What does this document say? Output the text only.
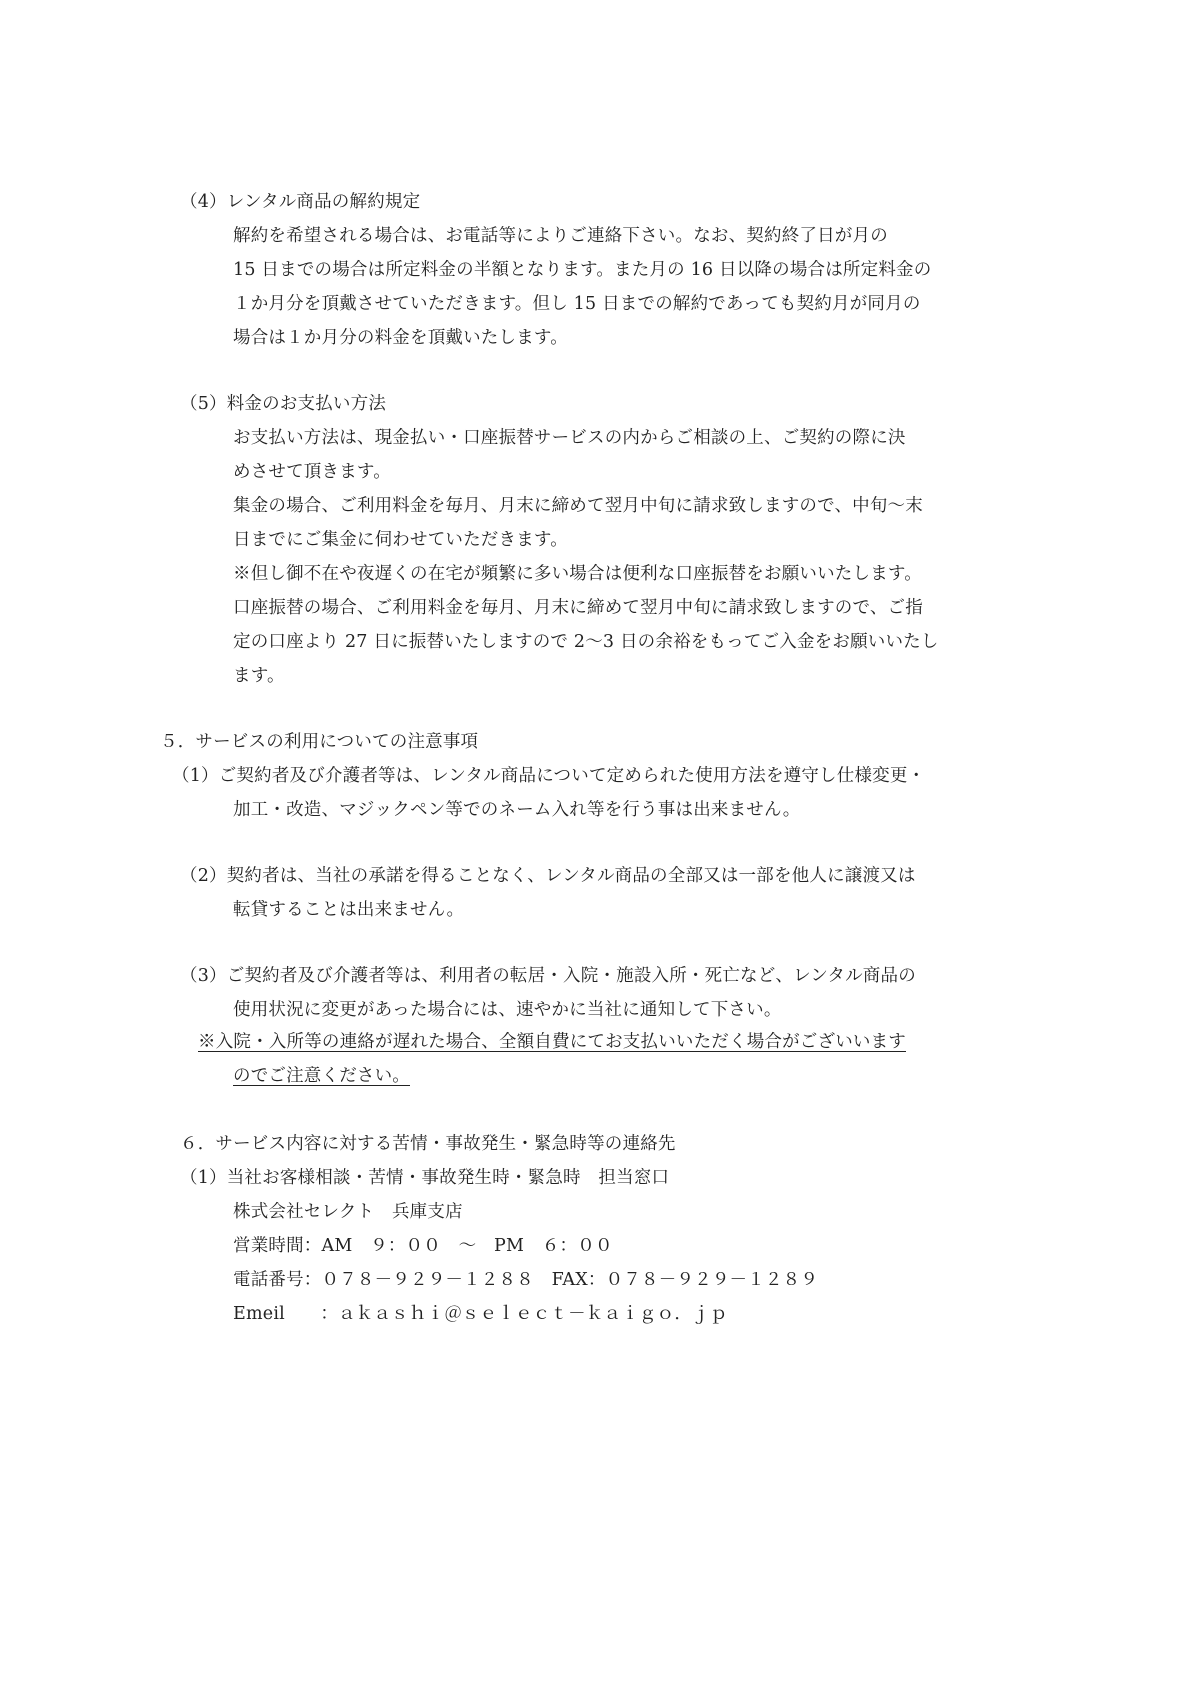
（4）レンタル商品の解約規定
解約を希望される場合は、お電話等によりご連絡下さい。なお、契約終了日が月の
15 日までの場合は所定料金の半額となります。また月の 16 日以降の場合は所定料金の
１か月分を頂戴させていただきます。但し 15 日までの解約であっても契約月が同月の
場合は１か月分の料金を頂戴いたします。
（5）料金のお支払い方法
お支払い方法は、現金払い・口座振替サービスの内からご相談の上、ご契約の際に決
めさせて頂きます。
集金の場合、ご利用料金を毎月、月末に締めて翌月中旬に請求致しますので、中旬～末
日までにご集金に伺わせていただきます。
※但し御不在や夜遅くの在宅が頻繁に多い場合は便利な口座振替をお願いいたします。
口座振替の場合、ご利用料金を毎月、月末に締めて翌月中旬に請求致しますので、ご指
定の口座より 27 日に振替いたしますので 2～3 日の余裕をもってご入金をお願いいたし
ます。
５．サービスの利用についての注意事項
（1）ご契約者及び介護者等は、レンタル商品について定められた使用方法を遵守し仕様変更・
加工・改造、マジックペン等でのネーム入れ等を行う事は出来ません。
（2）契約者は、当社の承諾を得ることなく、レンタル商品の全部又は一部を他人に譲渡又は
転貸することは出来ません。
（3）ご契約者及び介護者等は、利用者の転居・入院・施設入所・死亡など、レンタル商品の
使用状況に変更があった場合には、速やかに当社に通知して下さい。
※入院・入所等の連絡が遅れた場合、全額自費にてお支払いいただく場合がございいます
のでご注意ください。
６．サービス内容に対する苦情・事故発生・緊急時等の連絡先
（1）当社お客様相談・苦情・事故発生時・緊急時　担当窓口
株式会社セレクト　兵庫支店
営業時間：AM　９：００　～　PM　６：００
電話番号：０７８－９２９－１２８８　FAX：０７８－９２９－１２８９
Emeil　　：ａｋａｓｈｉ＠ｓｅｌｅｃｔ－ｋａｉｇｏ．ｊｐ
